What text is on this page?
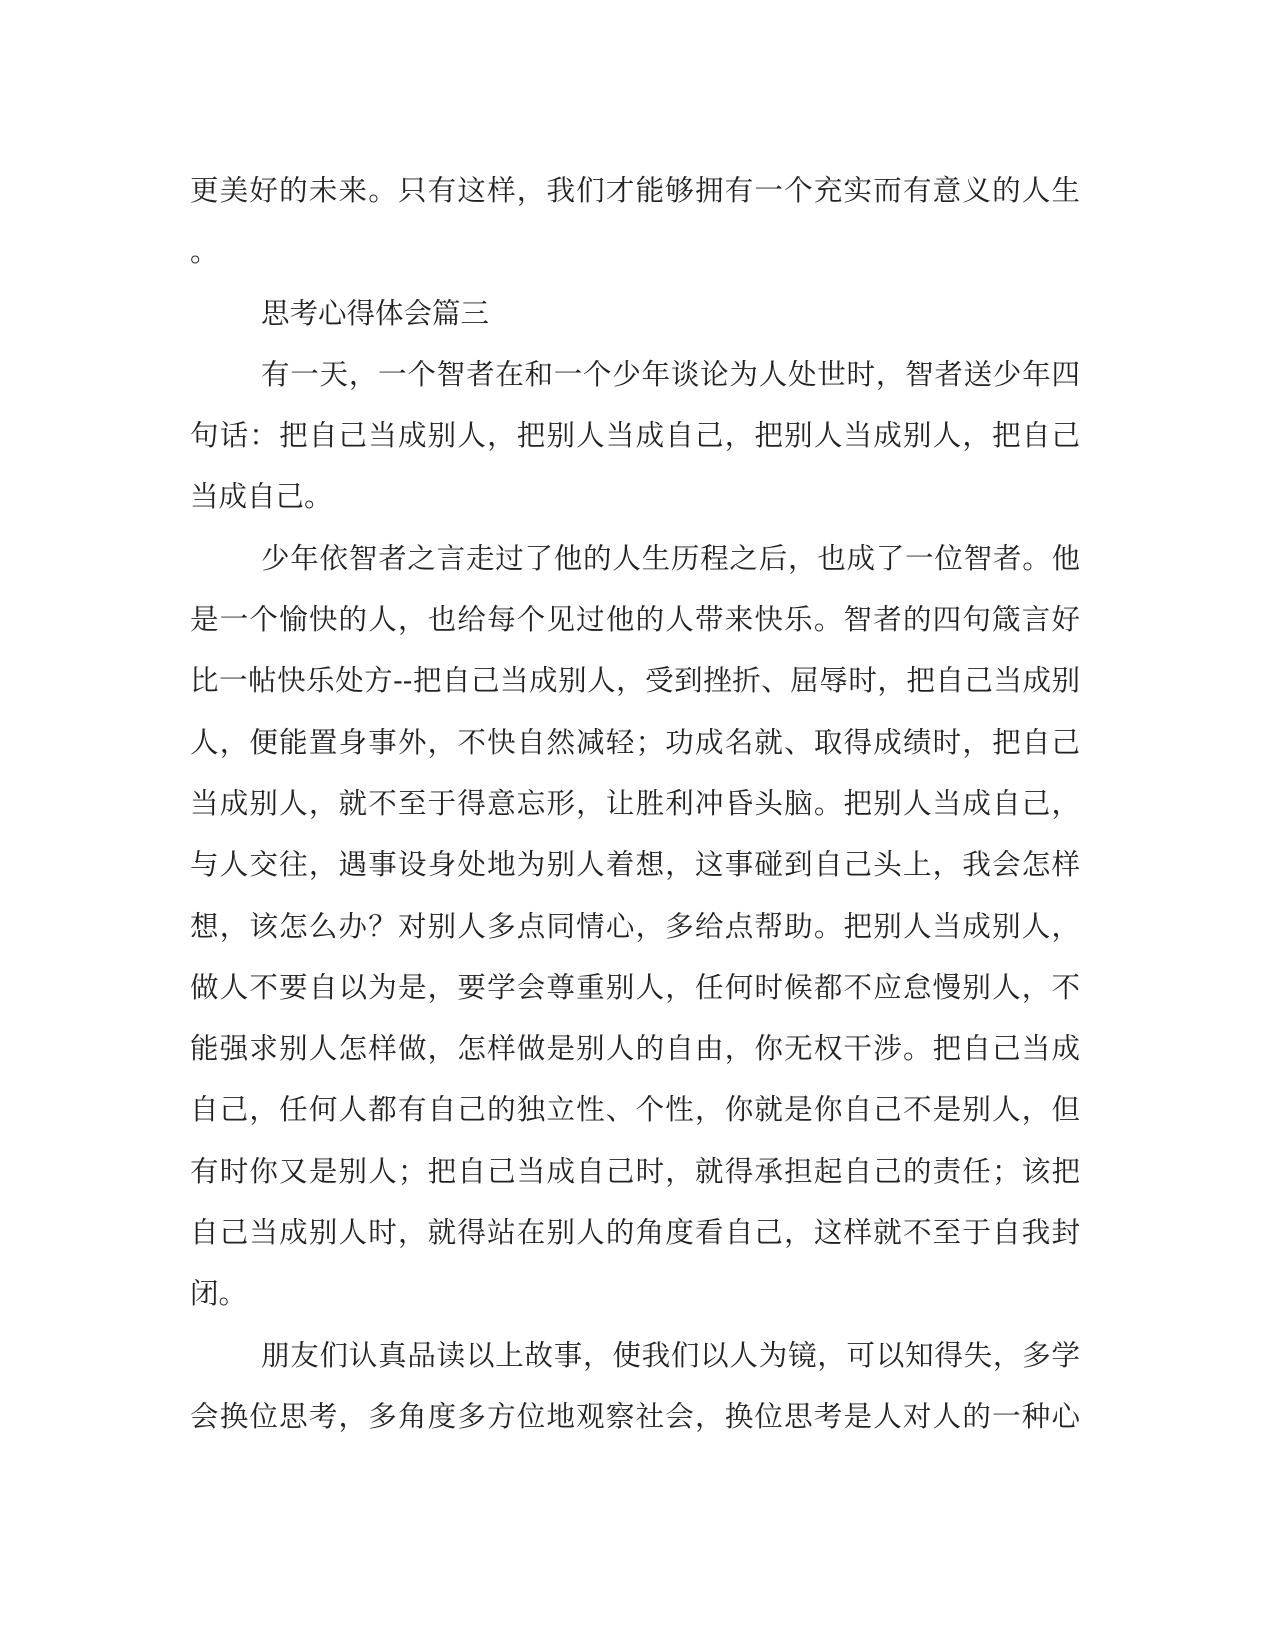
更美好的未来。只有这样，我们才能够拥有一个充实而有意义的人生
。
思考心得体会篇三
有一天，一个智者在和一个少年谈论为人处世时，智者送少年四
句话：把自己当成别人，把别人当成自己，把别人当成别人，把自己
当成自己。
少年依智者之言走过了他的人生历程之后，也成了一位智者。他
是一个愉快的人，也给每个见过他的人带来快乐。智者的四句箴言好
比一帖快乐处方--把自己当成别人，受到挫折、屈辱时，把自己当成别
人，便能置身事外，不快自然减轻；功成名就、取得成绩时，把自己
当成别人，就不至于得意忘形，让胜利冲昏头脑。把别人当成自己，
与人交往，遇事设身处地为别人着想，这事碰到自己头上，我会怎样
想，该怎么办？对别人多点同情心，多给点帮助。把别人当成别人，
做人不要自以为是，要学会尊重别人，任何时候都不应怠慢别人，不
能强求别人怎样做，怎样做是别人的自由，你无权干涉。把自己当成
自己，任何人都有自己的独立性、个性，你就是你自己不是别人，但
有时你又是别人；把自己当成自己时，就得承担起自己的责任；该把
自己当成别人时，就得站在别人的角度看自己，这样就不至于自我封
闭。
朋友们认真品读以上故事，使我们以人为镜，可以知得失，多学
会换位思考，多角度多方位地观察社会，换位思考是人对人的一种心
